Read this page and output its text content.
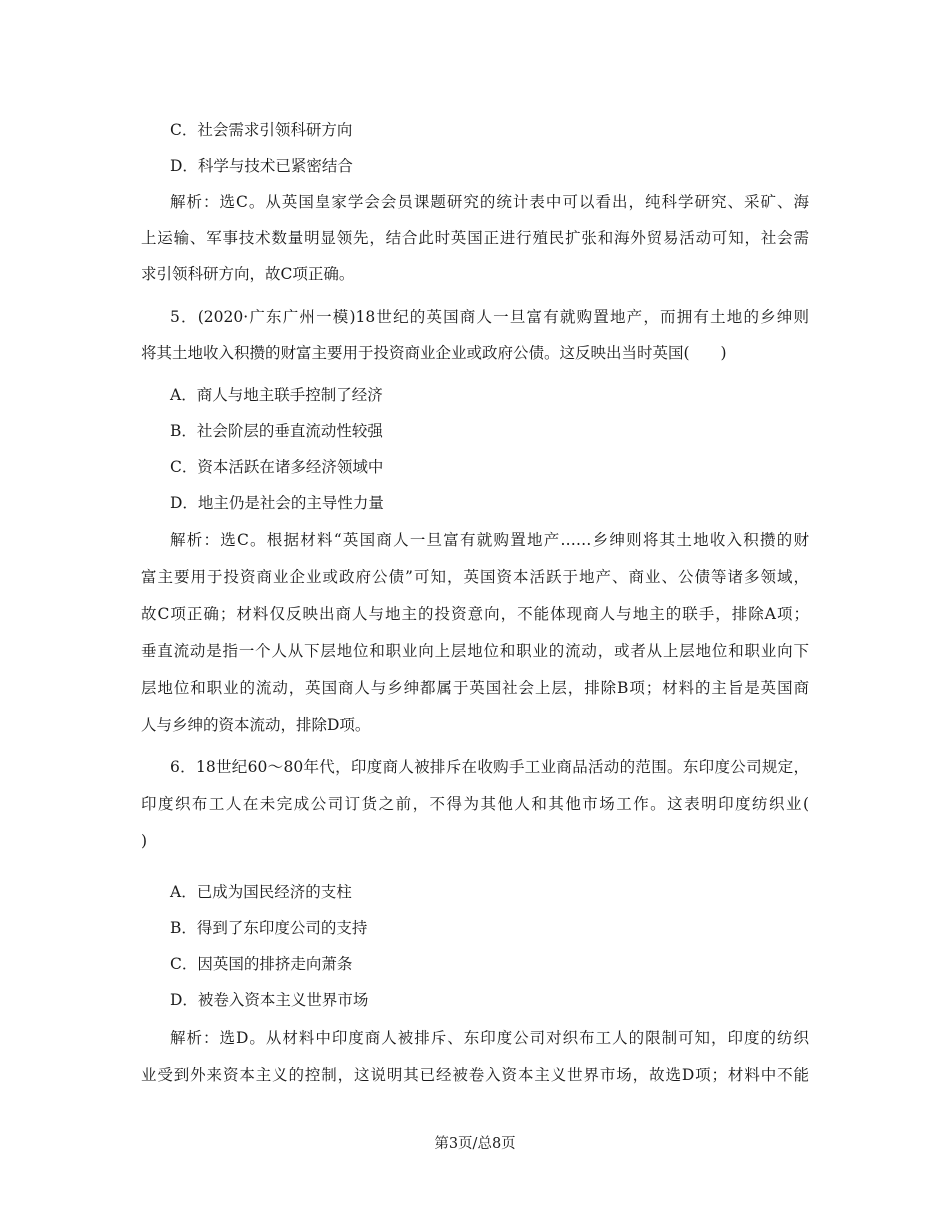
C．社会需求引领科研方向
D．科学与技术已紧密结合
解析：选C。从英国皇家学会会员课题研究的统计表中可以看出，纯科学研究、采矿、海
上运输、军事技术数量明显领先，结合此时英国正进行殖民扩张和海外贸易活动可知，社会需
求引领科研方向，故C项正确。
5．(2020·广东广州一模)18世纪的英国商人一旦富有就购置地产，而拥有土地的乡绅则
将其土地收入积攒的财富主要用于投资商业企业或政府公债。这反映出当时英国(　　)
A．商人与地主联手控制了经济
B．社会阶层的垂直流动性较强
C．资本活跃在诸多经济领域中
D．地主仍是社会的主导性力量
解析：选C。根据材料“英国商人一旦富有就购置地产……乡绅则将其土地收入积攒的财
富主要用于投资商业企业或政府公债”可知，英国资本活跃于地产、商业、公债等诸多领域，
故C项正确；材料仅反映出商人与地主的投资意向，不能体现商人与地主的联手，排除A项；
垂直流动是指一个人从下层地位和职业向上层地位和职业的流动，或者从上层地位和职业向下
层地位和职业的流动，英国商人与乡绅都属于英国社会上层，排除B项；材料的主旨是英国商
人与乡绅的资本流动，排除D项。
6．18世纪60～80年代，印度商人被排斥在收购手工业商品活动的范围。东印度公司规定，
印度织布工人在未完成公司订货之前，不得为其他人和其他市场工作。这表明印度纺织业(
)
A．已成为国民经济的支柱
B．得到了东印度公司的支持
C．因英国的排挤走向萧条
D．被卷入资本主义世界市场
解析：选D。从材料中印度商人被排斥、东印度公司对织布工人的限制可知，印度的纺织
业受到外来资本主义的控制，这说明其已经被卷入资本主义世界市场，故选D项；材料中不能
第3页/总8页
